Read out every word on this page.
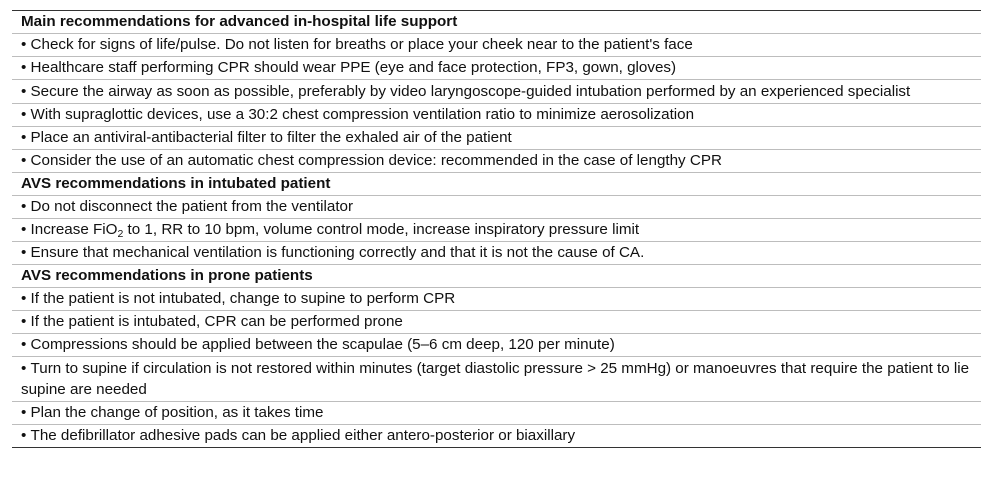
Main recommendations for advanced in-hospital life support
• Check for signs of life/pulse. Do not listen for breaths or place your cheek near to the patient's face
• Healthcare staff performing CPR should wear PPE (eye and face protection, FP3, gown, gloves)
• Secure the airway as soon as possible, preferably by video laryngoscope-guided intubation performed by an experienced specialist
• With supraglottic devices, use a 30:2 chest compression ventilation ratio to minimize aerosolization
• Place an antiviral-antibacterial filter to filter the exhaled air of the patient
• Consider the use of an automatic chest compression device: recommended in the case of lengthy CPR
AVS recommendations in intubated patient
• Do not disconnect the patient from the ventilator
• Increase FiO$_2$ to 1, RR to 10 bpm, volume control mode, increase inspiratory pressure limit
• Ensure that mechanical ventilation is functioning correctly and that it is not the cause of CA.
AVS recommendations in prone patients
• If the patient is not intubated, change to supine to perform CPR
• If the patient is intubated, CPR can be performed prone
• Compressions should be applied between the scapulae (5–6 cm deep, 120 per minute)
• Turn to supine if circulation is not restored within minutes (target diastolic pressure > 25 mmHg) or manoeuvres that require the patient to lie supine are needed
• Plan the change of position, as it takes time
• The defibrillator adhesive pads can be applied either antero-posterior or biaxillary
